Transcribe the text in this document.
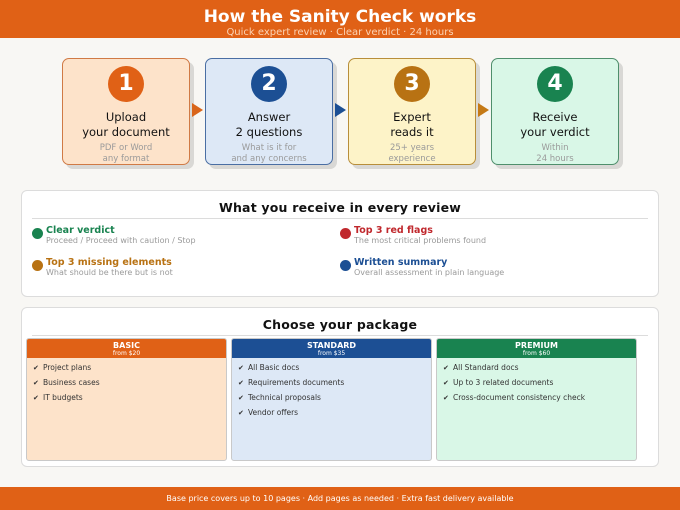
How the Sanity Check works
Quick expert review · Clear verdict · 24 hours
1
Upload
your document
PDF or Word
any format
2
Answer
2 questions
What is it for
and any concerns
3
Expert
reads it
25+ years
experience
4
Receive
your verdict
Within
24 hours
What you receive in every review
Clear verdict
Proceed / Proceed with caution / Stop
Top 3 red flags
The most critical problems found
Top 3 missing elements
What should be there but is not
Written summary
Overall assessment in plain language
Choose your package
BASIC
from $20
✔ Project plans
✔ Business cases
✔ IT budgets
STANDARD
from $35
✔ All Basic docs
✔ Requirements documents
✔ Technical proposals
✔ Vendor offers
PREMIUM
from $60
✔ All Standard docs
✔ Up to 3 related documents
✔ Cross-document consistency check
Base price covers up to 10 pages · Add pages as needed · Extra fast delivery available
